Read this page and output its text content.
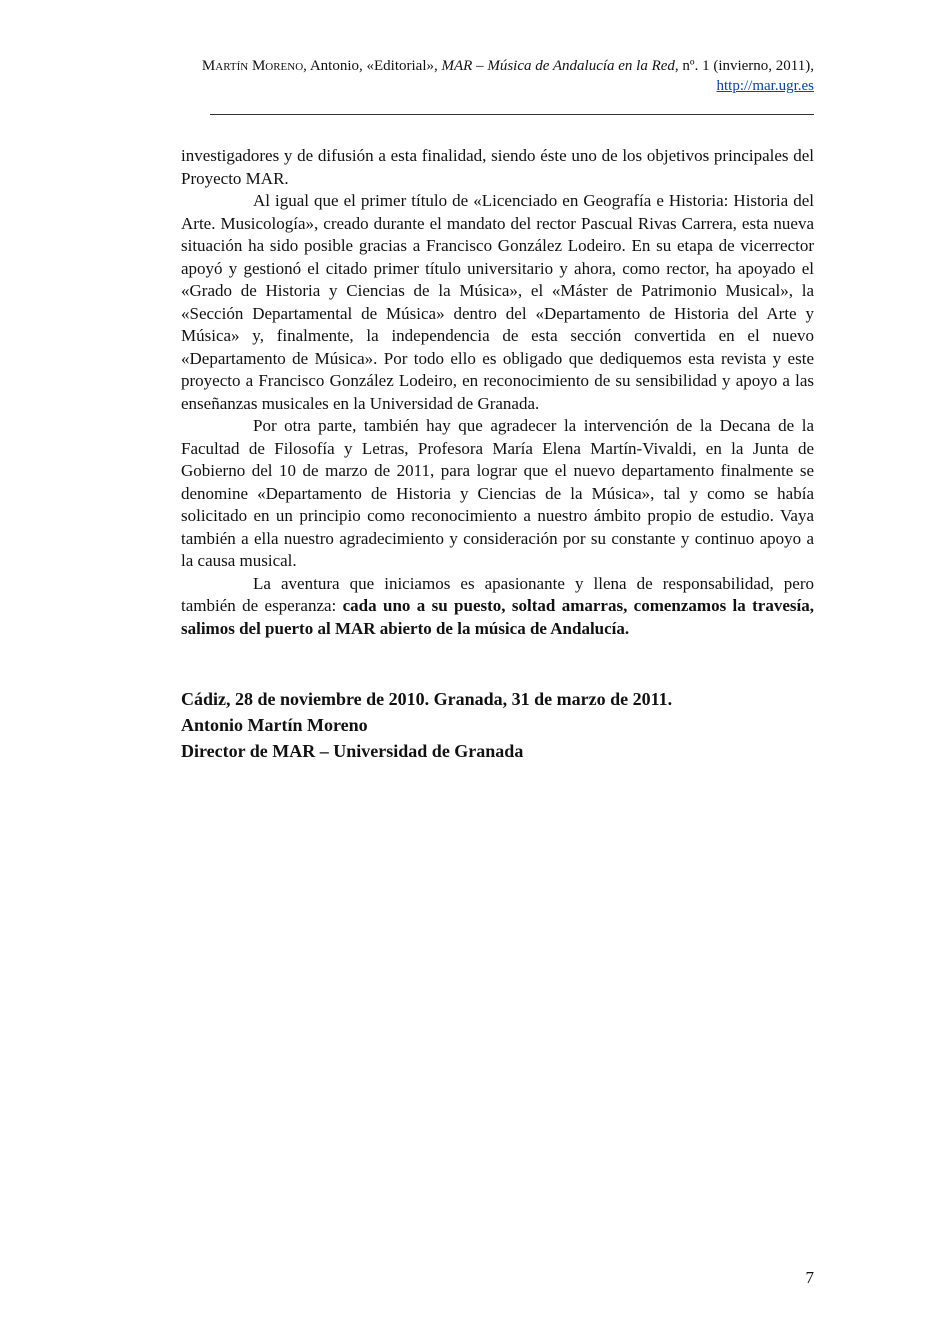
Martín Moreno, Antonio, «Editorial», MAR – Música de Andalucía en la Red, nº. 1 (invierno, 2011), http://mar.ugr.es

investigadores y de difusión a esta finalidad, siendo éste uno de los objetivos principales del Proyecto MAR.

Al igual que el primer título de «Licenciado en Geografía e Historia: Historia del Arte. Musicología», creado durante el mandato del rector Pascual Rivas Carrera, esta nueva situación ha sido posible gracias a Francisco González Lodeiro. En su etapa de vicerrector apoyó y gestionó el citado primer título universitario y ahora, como rector, ha apoyado el «Grado de Historia y Ciencias de la Música», el «Máster de Patrimonio Musical», la «Sección Departamental de Música» dentro del «Departamento de Historia del Arte y Música» y, finalmente, la independencia de esta sección convertida en el nuevo «Departamento de Música». Por todo ello es obligado que dediquemos esta revista y este proyecto a Francisco González Lodeiro, en reconocimiento de su sensibilidad y apoyo a las enseñanzas musicales en la Universidad de Granada.

Por otra parte, también hay que agradecer la intervención de la Decana de la Facultad de Filosofía y Letras, Profesora María Elena Martín-Vivaldi, en la Junta de Gobierno del 10 de marzo de 2011, para lograr que el nuevo departamento finalmente se denomine «Departamento de Historia y Ciencias de la Música», tal y como se había solicitado en un principio como reconocimiento a nuestro ámbito propio de estudio. Vaya también a ella nuestro agradecimiento y consideración por su constante y continuo apoyo a la causa musical.

La aventura que iniciamos es apasionante y llena de responsabilidad, pero también de esperanza: cada uno a su puesto, soltad amarras, comenzamos la travesía, salimos del puerto al MAR abierto de la música de Andalucía.

Cádiz, 28 de noviembre de 2010. Granada, 31 de marzo de 2011.
Antonio Martín Moreno
Director de MAR – Universidad de Granada
7
